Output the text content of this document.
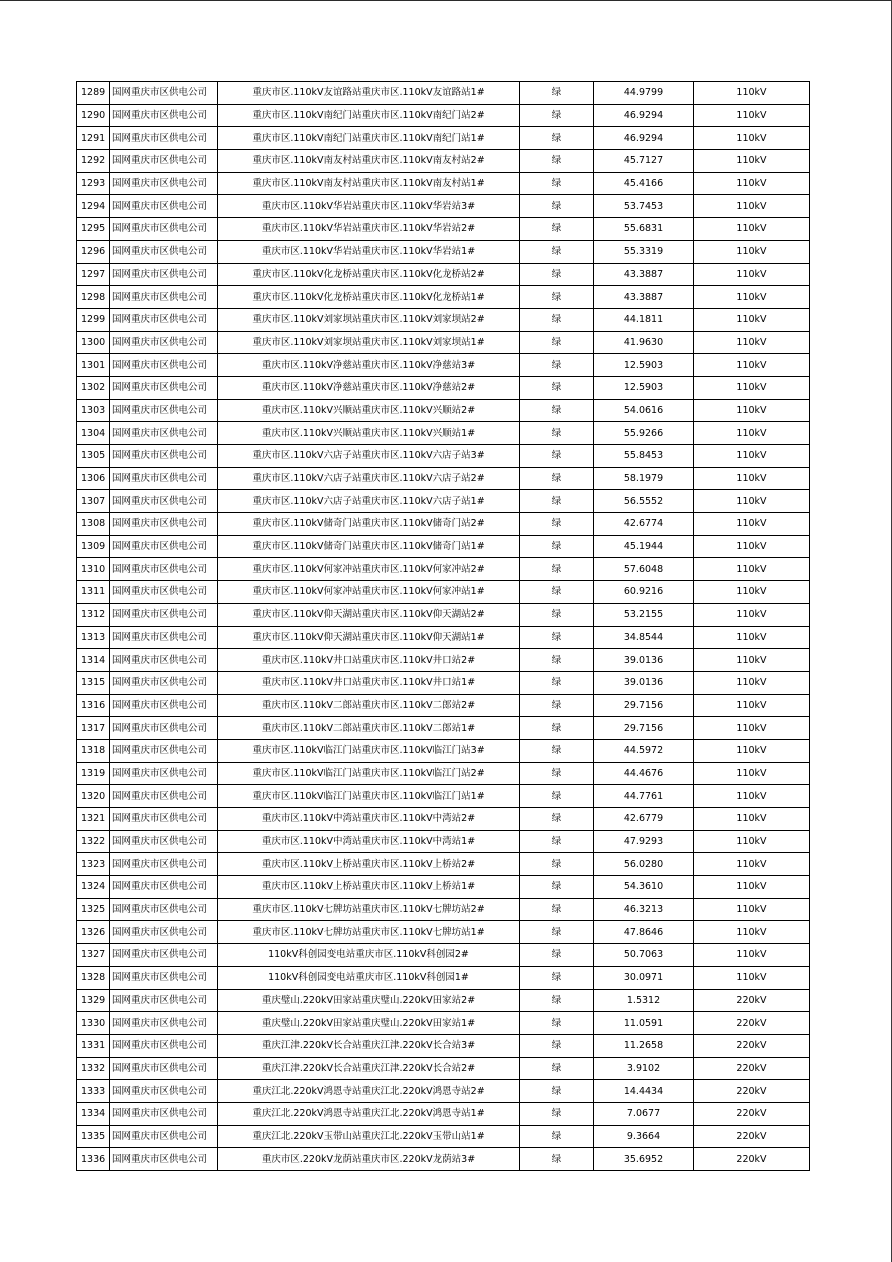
1289	国网重庆市区供电公司	重庆市区.110kV友谊路站重庆市区.110kV友谊路站1#	绿	44.9799	110kV
1290	国网重庆市区供电公司	重庆市区.110kV南纪门站重庆市区.110kV南纪门站2#	绿	46.9294	110kV
1291	国网重庆市区供电公司	重庆市区.110kV南纪门站重庆市区.110kV南纪门站1#	绿	46.9294	110kV
1292	国网重庆市区供电公司	重庆市区.110kV南友村站重庆市区.110kV南友村站2#	绿	45.7127	110kV
1293	国网重庆市区供电公司	重庆市区.110kV南友村站重庆市区.110kV南友村站1#	绿	45.4166	110kV
1294	国网重庆市区供电公司	重庆市区.110kV华岩站重庆市区.110kV华岩站3#	绿	53.7453	110kV
1295	国网重庆市区供电公司	重庆市区.110kV华岩站重庆市区.110kV华岩站2#	绿	55.6831	110kV
1296	国网重庆市区供电公司	重庆市区.110kV华岩站重庆市区.110kV华岩站1#	绿	55.3319	110kV
1297	国网重庆市区供电公司	重庆市区.110kV化龙桥站重庆市区.110kV化龙桥站2#	绿	43.3887	110kV
1298	国网重庆市区供电公司	重庆市区.110kV化龙桥站重庆市区.110kV化龙桥站1#	绿	43.3887	110kV
1299	国网重庆市区供电公司	重庆市区.110kV刘家坝站重庆市区.110kV刘家坝站2#	绿	44.1811	110kV
1300	国网重庆市区供电公司	重庆市区.110kV刘家坝站重庆市区.110kV刘家坝站1#	绿	41.9630	110kV
1301	国网重庆市区供电公司	重庆市区.110kV净慈站重庆市区.110kV净慈站3#	绿	12.5903	110kV
1302	国网重庆市区供电公司	重庆市区.110kV净慈站重庆市区.110kV净慈站2#	绿	12.5903	110kV
1303	国网重庆市区供电公司	重庆市区.110kV兴顺站重庆市区.110kV兴顺站2#	绿	54.0616	110kV
1304	国网重庆市区供电公司	重庆市区.110kV兴顺站重庆市区.110kV兴顺站1#	绿	55.9266	110kV
1305	国网重庆市区供电公司	重庆市区.110kV六店子站重庆市区.110kV六店子站3#	绿	55.8453	110kV
1306	国网重庆市区供电公司	重庆市区.110kV六店子站重庆市区.110kV六店子站2#	绿	58.1979	110kV
1307	国网重庆市区供电公司	重庆市区.110kV六店子站重庆市区.110kV六店子站1#	绿	56.5552	110kV
1308	国网重庆市区供电公司	重庆市区.110kV储奇门站重庆市区.110kV储奇门站2#	绿	42.6774	110kV
1309	国网重庆市区供电公司	重庆市区.110kV储奇门站重庆市区.110kV储奇门站1#	绿	45.1944	110kV
1310	国网重庆市区供电公司	重庆市区.110kV何家冲站重庆市区.110kV何家冲站2#	绿	57.6048	110kV
1311	国网重庆市区供电公司	重庆市区.110kV何家冲站重庆市区.110kV何家冲站1#	绿	60.9216	110kV
1312	国网重庆市区供电公司	重庆市区.110kV仰天湖站重庆市区.110kV仰天湖站2#	绿	53.2155	110kV
1313	国网重庆市区供电公司	重庆市区.110kV仰天湖站重庆市区.110kV仰天湖站1#	绿	34.8544	110kV
1314	国网重庆市区供电公司	重庆市区.110kV井口站重庆市区.110kV井口站2#	绿	39.0136	110kV
1315	国网重庆市区供电公司	重庆市区.110kV井口站重庆市区.110kV井口站1#	绿	39.0136	110kV
1316	国网重庆市区供电公司	重庆市区.110kV二郎站重庆市区.110kV二郎站2#	绿	29.7156	110kV
1317	国网重庆市区供电公司	重庆市区.110kV二郎站重庆市区.110kV二郎站1#	绿	29.7156	110kV
1318	国网重庆市区供电公司	重庆市区.110kV临江门站重庆市区.110kV临江门站3#	绿	44.5972	110kV
1319	国网重庆市区供电公司	重庆市区.110kV临江门站重庆市区.110kV临江门站2#	绿	44.4676	110kV
1320	国网重庆市区供电公司	重庆市区.110kV临江门站重庆市区.110kV临江门站1#	绿	44.7761	110kV
1321	国网重庆市区供电公司	重庆市区.110kV中湾站重庆市区.110kV中湾站2#	绿	42.6779	110kV
1322	国网重庆市区供电公司	重庆市区.110kV中湾站重庆市区.110kV中湾站1#	绿	47.9293	110kV
1323	国网重庆市区供电公司	重庆市区.110kV上桥站重庆市区.110kV上桥站2#	绿	56.0280	110kV
1324	国网重庆市区供电公司	重庆市区.110kV上桥站重庆市区.110kV上桥站1#	绿	54.3610	110kV
1325	国网重庆市区供电公司	重庆市区.110kV七牌坊站重庆市区.110kV七牌坊站2#	绿	46.3213	110kV
1326	国网重庆市区供电公司	重庆市区.110kV七牌坊站重庆市区.110kV七牌坊站1#	绿	47.8646	110kV
1327	国网重庆市区供电公司	110kV科创园变电站重庆市区.110kV科创园2#	绿	50.7063	110kV
1328	国网重庆市区供电公司	110kV科创园变电站重庆市区.110kV科创园1#	绿	30.0971	110kV
1329	国网重庆市区供电公司	重庆璧山.220kV田家站重庆璧山.220kV田家站2#	绿	1.5312	220kV
1330	国网重庆市区供电公司	重庆璧山.220kV田家站重庆璧山.220kV田家站1#	绿	11.0591	220kV
1331	国网重庆市区供电公司	重庆江津.220kV长合站重庆江津.220kV长合站3#	绿	11.2658	220kV
1332	国网重庆市区供电公司	重庆江津.220kV长合站重庆江津.220kV长合站2#	绿	3.9102	220kV
1333	国网重庆市区供电公司	重庆江北.220kV鸿恩寺站重庆江北.220kV鸿恩寺站2#	绿	14.4434	220kV
1334	国网重庆市区供电公司	重庆江北.220kV鸿恩寺站重庆江北.220kV鸿恩寺站1#	绿	7.0677	220kV
1335	国网重庆市区供电公司	重庆江北.220kV玉带山站重庆江北.220kV玉带山站1#	绿	9.3664	220kV
1336	国网重庆市区供电公司	重庆市区.220kV龙荫站重庆市区.220kV龙荫站3#	绿	35.6952	220kV
